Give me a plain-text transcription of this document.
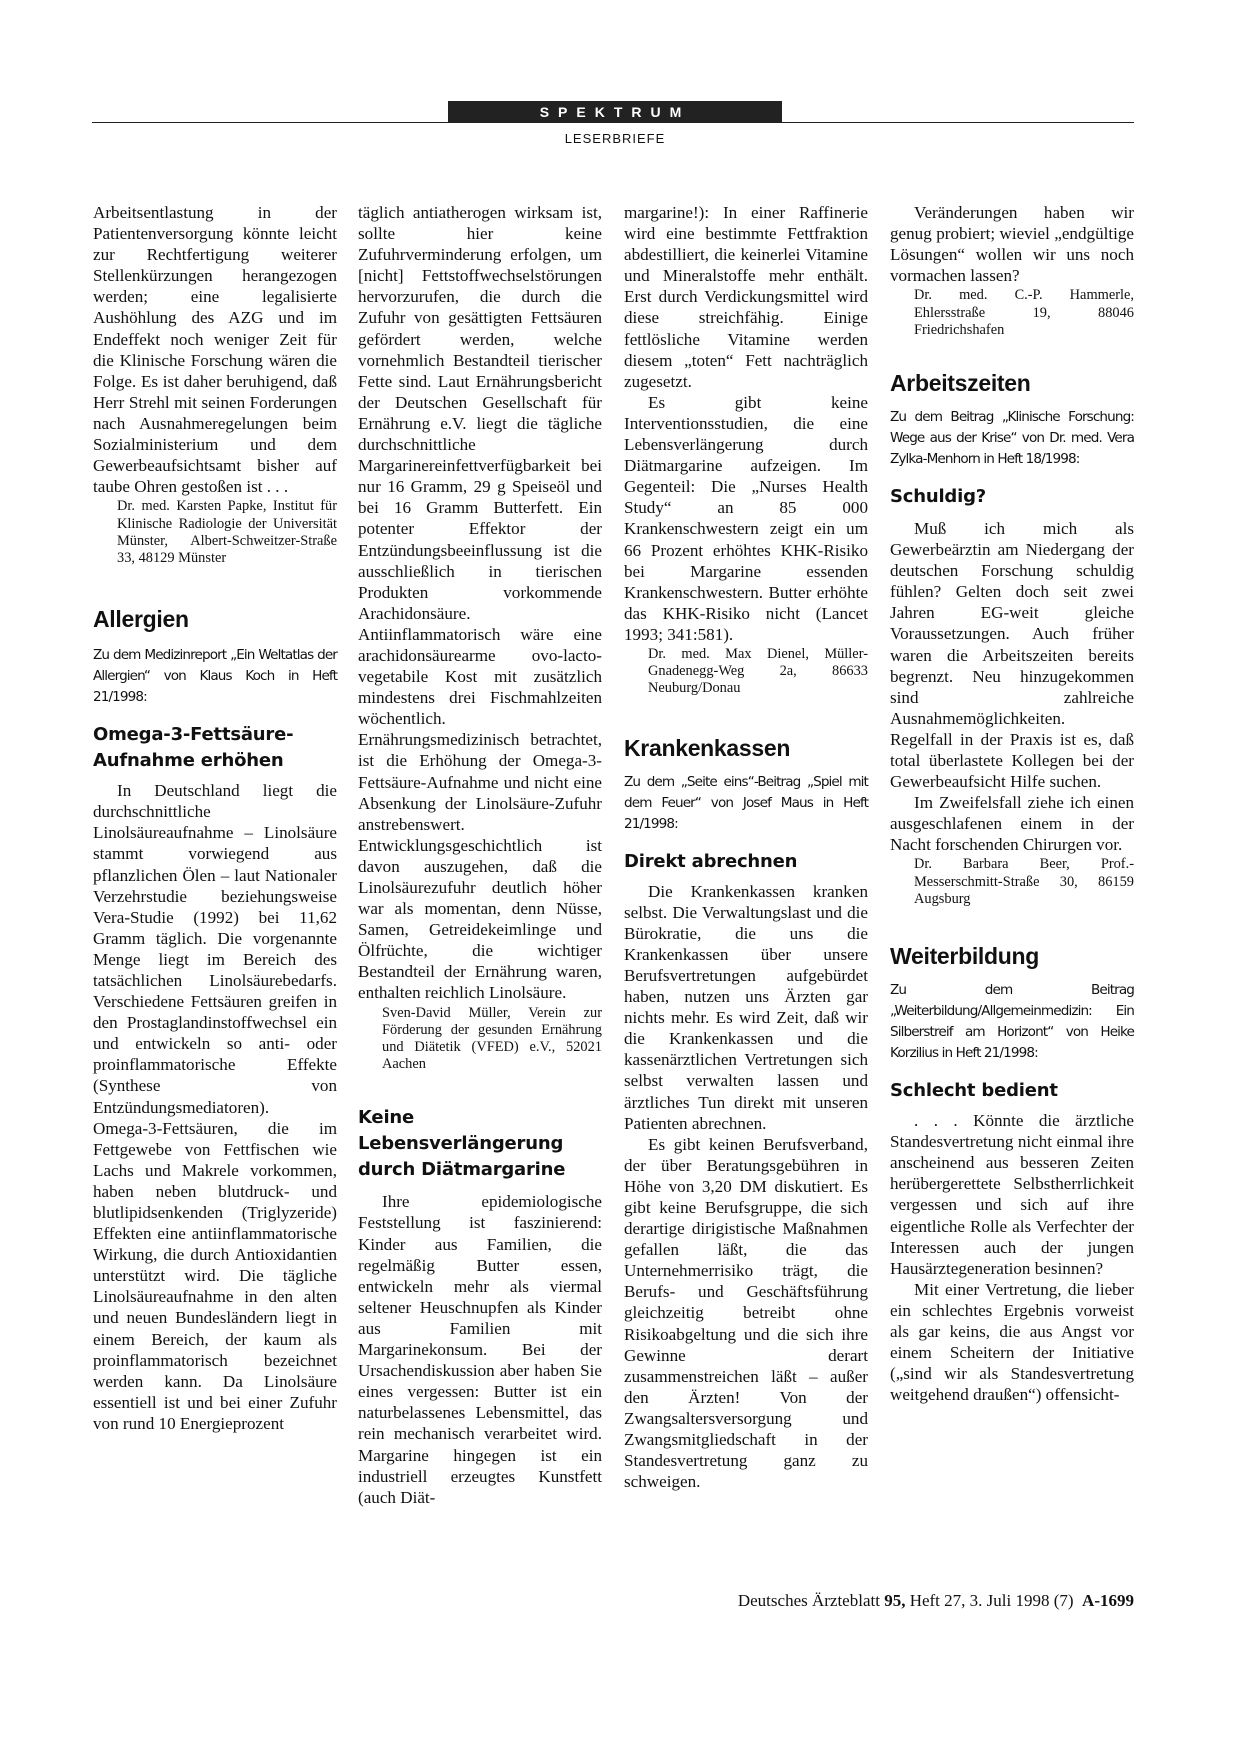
SPEKTRUM
LESERBRIEFE

Arbeitsentlastung in der Patientenversorgung könnte leicht zur Rechtfertigung weiterer Stellenkürzungen herangezogen werden; eine legalisierte Aushöhlung des AZG und im Endeffekt noch weniger Zeit für die Klinische Forschung wären die Folge. Es ist daher beruhigend, daß Herr Strehl mit seinen Forderungen nach Ausnahmeregelungen beim Sozialministerium und dem Gewerbeaufsichtsamt bisher auf taube Ohren gestoßen ist . . .

Dr. med. Karsten Papke, Institut für Klinische Radiologie der Universität Münster, Albert-Schweitzer-Straße 33, 48129 Münster

Allergien

Zu dem Medizinreport „Ein Weltatlas der Allergien“ von Klaus Koch in Heft 21/1998:

Omega-3-Fettsäure-Aufnahme erhöhen

In Deutschland liegt die durchschnittliche Linolsäureaufnahme – Linolsäure stammt vorwiegend aus pflanzlichen Ölen – laut Nationaler Verzehrstudie beziehungsweise Vera-Studie (1992) bei 11,62 Gramm täglich. Die vorgenannte Menge liegt im Bereich des tatsächlichen Linolsäurebedarfs. Verschiedene Fettsäuren greifen in den Prostaglandinstoffwechsel ein und entwickeln so anti- oder proinflammatorische Effekte (Synthese von Entzündungsmediatoren).

Omega-3-Fettsäuren, die im Fettgewebe von Fettfischen wie Lachs und Makrele vorkommen, haben neben blutdruck- und blutlipidsenkenden (Triglyzeride) Effekten eine antiinflammatorische Wirkung, die durch Antioxidantien unterstützt wird. Die tägliche Linolsäureaufnahme in den alten und neuen Bundesländern liegt in einem Bereich, der kaum als proinflammatorisch bezeichnet werden kann. Da Linolsäure essentiell ist und bei einer Zufuhr von rund 10 Energieprozent

täglich antiatherogen wirksam ist, sollte hier keine Zufuhrverminderung erfolgen, um [nicht] Fettstoffwechselstörungen hervorzurufen, die durch die Zufuhr von gesättigten Fettsäuren gefördert werden, welche vornehmlich Bestandteil tierischer Fette sind. Laut Ernährungsbericht der Deutschen Gesellschaft für Ernährung e.V. liegt die tägliche durchschnittliche Margarinereinfettverfügbarkeit bei nur 16 Gramm, 29 g Speiseöl und bei 16 Gramm Butterfett. Ein potenter Effektor der Entzündungsbeeinflussung ist die ausschließlich in tierischen Produkten vorkommende Arachidonsäure. Antiinflammatorisch wäre eine arachidonsäurearme ovo-lacto-vegetabile Kost mit zusätzlich mindestens drei Fischmahlzeiten wöchentlich. Ernährungsmedizinisch betrachtet, ist die Erhöhung der Omega-3-Fettsäure-Aufnahme und nicht eine Absenkung der Linolsäure-Zufuhr anstrebenswert. Entwicklungsgeschichtlich ist davon auszugehen, daß die Linolsäurezufuhr deutlich höher war als momentan, denn Nüsse, Samen, Getreidekeimlinge und Ölfrüchte, die wichtiger Bestandteil der Ernährung waren, enthalten reichlich Linolsäure.

Sven-David Müller, Verein zur Förderung der gesunden Ernährung und Diätetik (VFED) e.V., 52021 Aachen

Keine Lebensverlängerung durch Diätmargarine

Ihre epidemiologische Feststellung ist faszinierend: Kinder aus Familien, die regelmäßig Butter essen, entwickeln mehr als viermal seltener Heuschnupfen als Kinder aus Familien mit Margarinekonsum. Bei der Ursachendiskussion aber haben Sie eines vergessen: Butter ist ein naturbelassenes Lebensmittel, das rein mechanisch verarbeitet wird. Margarine hingegen ist ein industriell erzeugtes Kunstfett (auch Diät-

margarine!): In einer Raffinerie wird eine bestimmte Fettfraktion abdestilliert, die keinerlei Vitamine und Mineralstoffe mehr enthält. Erst durch Verdickungsmittel wird diese streichfähig. Einige fettlösliche Vitamine werden diesem „toten“ Fett nachträglich zugesetzt.

Es gibt keine Interventionsstudien, die eine Lebensverlängerung durch Diätmargarine aufzeigen. Im Gegenteil: Die „Nurses Health Study“ an 85 000 Krankenschwestern zeigt ein um 66 Prozent erhöhtes KHK-Risiko bei Margarine essenden Krankenschwestern. Butter erhöhte das KHK-Risiko nicht (Lancet 1993; 341:581).

Dr. med. Max Dienel, Müller-Gnadenegg-Weg 2a, 86633 Neuburg/Donau

Krankenkassen

Zu dem „Seite eins“-Beitrag „Spiel mit dem Feuer“ von Josef Maus in Heft 21/1998:

Direkt abrechnen

Die Krankenkassen kranken selbst. Die Verwaltungslast und die Bürokratie, die uns die Krankenkassen über unsere Berufsvertretungen aufgebürdet haben, nutzen uns Ärzten gar nichts mehr. Es wird Zeit, daß wir die Krankenkassen und die kassenärztlichen Vertretungen sich selbst verwalten lassen und ärztliches Tun direkt mit unseren Patienten abrechnen.

Es gibt keinen Berufsverband, der über Beratungsgebühren in Höhe von 3,20 DM diskutiert. Es gibt keine Berufsgruppe, die sich derartige dirigistische Maßnahmen gefallen läßt, die das Unternehmerrisiko trägt, die Berufs- und Geschäftsführung gleichzeitig betreibt ohne Risikoabgeltung und die sich ihre Gewinne derart zusammenstreichen läßt – außer den Ärzten! Von der Zwangsaltersversorgung und Zwangsmitgliedschaft in der Standesvertretung ganz zu schweigen.

Veränderungen haben wir genug probiert; wieviel „endgültige Lösungen“ wollen wir uns noch vormachen lassen?

Dr. med. C.-P. Hammerle, Ehlersstraße 19, 88046 Friedrichshafen

Arbeitszeiten

Zu dem Beitrag „Klinische Forschung: Wege aus der Krise“ von Dr. med. Vera Zylka-Menhorn in Heft 18/1998:

Schuldig?

Muß ich mich als Gewerbeärztin am Niedergang der deutschen Forschung schuldig fühlen? Gelten doch seit zwei Jahren EG-weit gleiche Voraussetzungen. Auch früher waren die Arbeitszeiten bereits begrenzt. Neu hinzugekommen sind zahlreiche Ausnahmemöglichkeiten.

Regelfall in der Praxis ist es, daß total überlastete Kollegen bei der Gewerbeaufsicht Hilfe suchen.

Im Zweifelsfall ziehe ich einen ausgeschlafenen einem in der Nacht forschenden Chirurgen vor.

Dr. Barbara Beer, Prof.-Messerschmitt-Straße 30, 86159 Augsburg

Weiterbildung

Zu dem Beitrag „Weiterbildung/Allgemeinmedizin: Ein Silberstreif am Horizont“ von Heike Korzilius in Heft 21/1998:

Schlecht bedient

. . . Könnte die ärztliche Standesvertretung nicht einmal ihre anscheinend aus besseren Zeiten herübergerettete Selbstherrlichkeit vergessen und sich auf ihre eigentliche Rolle als Verfechter der Interessen auch der jungen Hausärztegeneration besinnen?

Mit einer Vertretung, die lieber ein schlechtes Ergebnis vorweist als gar keins, die aus Angst vor einem Scheitern der Initiative („sind wir als Standesvertretung weitgehend draußen“) offensicht-

Deutsches Ärzteblatt 95, Heft 27, 3. Juli 1998 (7) A-1699
